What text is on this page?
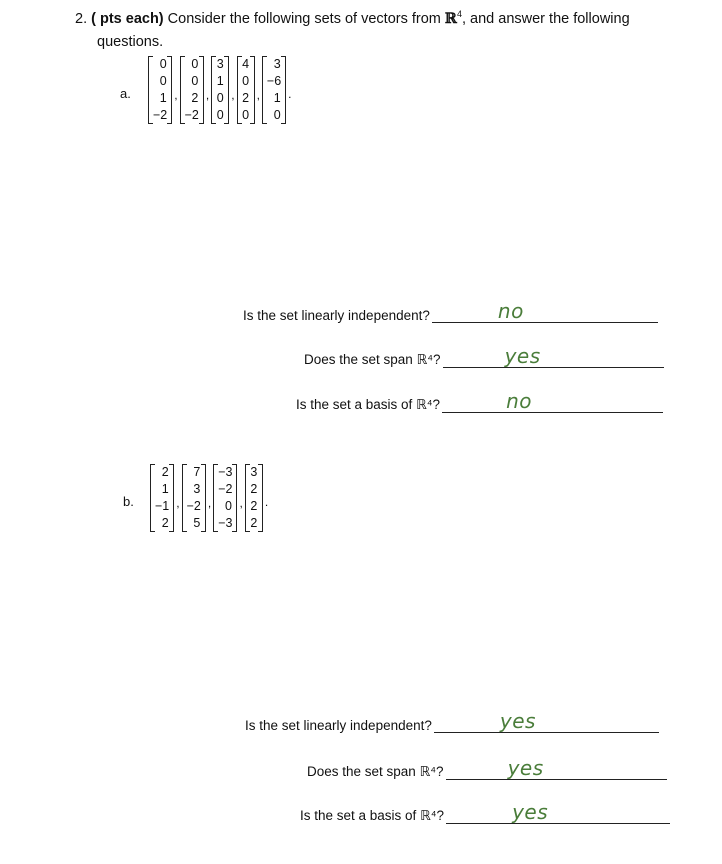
2. ( pts each) Consider the following sets of vectors from ℝ$^4$, and answer the following
questions.
a.
0
0
1
−2
,
0
0
2
−2
,
3
1
0
0
,
4
0
2
0
,
3
−6
1
0
.
Is the set linearly independent?	no
Does the set span ℝ⁴?	yes
Is the set a basis of ℝ⁴?	no
b.
2
1
−1
2
,
7
3
−2
5
,
−3
−2
0
−3
,
3
2
2
2
.
Is the set linearly independent?	yes
Does the set span ℝ⁴?	yes
Is the set a basis of ℝ⁴?	yes
